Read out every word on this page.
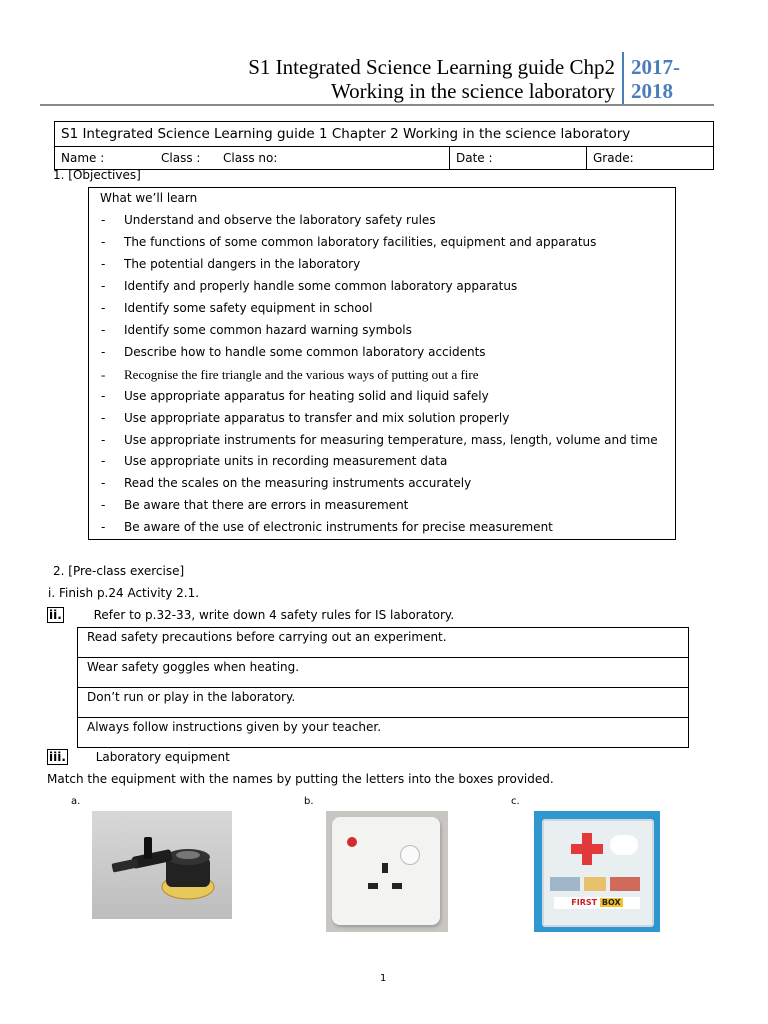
S1 Integrated Science Learning guide Chp2
Working in the science laboratory
2017-
2018
S1 Integrated Science Learning guide 1 Chapter 2 Working in the science laboratory
Name :	Class : Class no:	Date :	Grade:
1. [Objectives]
What we’ll learn
- Understand and observe the laboratory safety rules
- The functions of some common laboratory facilities, equipment and apparatus
- The potential dangers in the laboratory
- Identify and properly handle some common laboratory apparatus
- Identify some safety equipment in school
- Identify some common hazard warning symbols
- Describe how to handle some common laboratory accidents
- Recognise the fire triangle and the various ways of putting out a fire
- Use appropriate apparatus for heating solid and liquid safely
- Use appropriate apparatus to transfer and mix solution properly
- Use appropriate instruments for measuring temperature, mass, length, volume and time
- Use appropriate units in recording measurement data
- Read the scales on the measuring instruments accurately
- Be aware that there are errors in measurement
- Be aware of the use of electronic instruments for precise measurement
2. [Pre-class exercise]
i. Finish p.24 Activity 2.1.
ii.	Refer to p.32-33, write down 4 safety rules for IS laboratory.
Read safety precautions before carrying out an experiment.
Wear safety goggles when heating.
Don’t run or play in the laboratory.
Always follow instructions given by your teacher.
iii. Laboratory equipment
Match the equipment with the names by putting the letters into the boxes provided.
a.	b.	c.
FIRST BOX
1
